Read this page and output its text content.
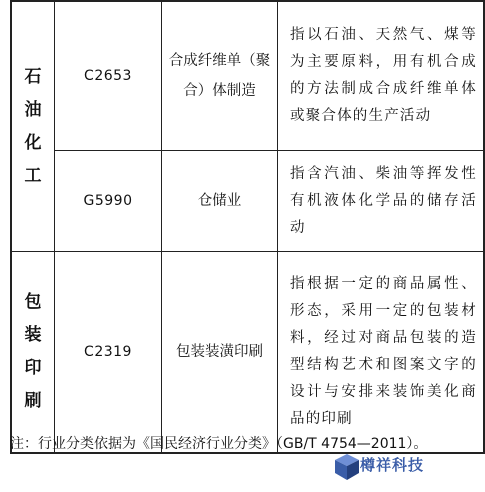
石
油
化
工	C2653	合成纤维单（聚合）体制造	指以石油、天然气、煤等为主要原料，用有机合成的方法制成合成纤维单体或聚合体的生产活动
	G5990	仓储业	指含汽油、柴油等挥发性有机液体化学品的储存活动

包
装
印
刷	C2319	包装装潢印刷	指根据一定的商品属性、形态，采用一定的包装材料，经过对商品包装的造型结构艺术和图案文字的设计与安排来装饰美化商品的印刷
注：行业分类依据为《国民经济行业分类》（GB/T 4754—2011）。
樽祥科技
